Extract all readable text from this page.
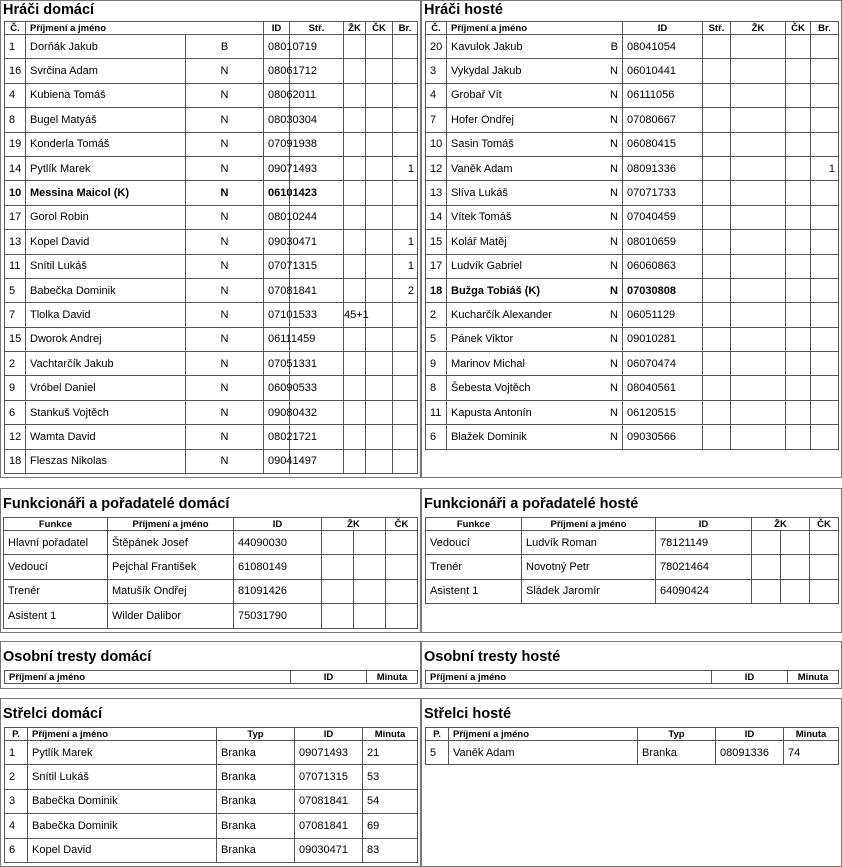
Hráči domácí
Č.	Příjmení a jméno		ID	Stř.	ŽK	ČK	Br.
1	Dorňák Jakub	B	08010719				
16	Svrčina Adam	N	08061712				
4	Kubiena Tomáš	N	08062011				
8	Bugel Matyáš	N	08030304				
19	Konderla Tomáš	N	07091938				
14	Pytlík Marek	N	09071493				1
10	Messina Maicol (K)	N	06101423				
17	Gorol Robin	N	08010244				
13	Kopel David	N	09030471				1
11	Snítil Lukáš	N	07071315				1
5	Babečka Dominik	N	07081841				2
7	Tlolka David	N	07101533		45+1		
15	Dworok Andrej	N	06111459				
2	Vachtarčík Jakub	N	07051331				
9	Vróbel Daniel	N	06090533				
6	Stankuš Vojtěch	N	09080432				
12	Wamta David	N	08021721				
18	Fleszas Nikolas	N	09041497				
Hráči hosté
Č.	Příjmení a jméno	ID	Stř.	ŽK	ČK	Br.
20	Kavulok Jakub B	08041054				
3	Vykydal Jakub N	06010441				
4	Grobař Vít N	06111056				
7	Hofer Ondřej N	07080667				
10	Sasin Tomáš N	06080415				
12	Vaněk Adam N	08091336				1
13	Slíva Lukáš N	07071733				
14	Vítek Tomáš N	07040459				
15	Kolář Matěj N	08010659				
17	Ludvík Gabriel N	06060863				
18	Bužga Tobiáš (K) N	07030808				
2	Kucharčík Alexander N	06051129				
5	Pánek Viktor N	09010281				
9	Marinov Michal N	06070474				
8	Šebesta Vojtěch N	08040561				
11	Kapusta Antonín N	06120515				
6	Blažek Dominik N	09030566				
Funkcionáři a pořadatelé domácí
Funkce	Příjmení a jméno	ID	ŽK		ČK
Hlavní pořadatel	Štěpánek Josef	44090030			
Vedoucí	Pejchal František	61080149			
Trenér	Matušík Ondřej	81091426			
Asistent 1	Wilder Dalibor	75031790			
Funkcionáři a pořadatelé hosté
Funkce	Příjmení a jméno	ID	ŽK		ČK
Vedoucí	Ludvík Roman	78121149			
Trenér	Novotný Petr	78021464			
Asistent 1	Sládek Jaromír	64090424			
Osobní tresty domácí
Příjmení a jméno	ID	Minuta
Osobní tresty hosté
Příjmení a jméno	ID	Minuta
Střelci domácí
P.	Příjmení a jméno	Typ	ID	Minuta
1	Pytlík Marek	Branka	09071493	21
2	Snítil Lukáš	Branka	07071315	53
3	Babečka Dominik	Branka	07081841	54
4	Babečka Dominik	Branka	07081841	69
6	Kopel David	Branka	09030471	83
Střelci hosté
P.	Příjmení a jméno	Typ	ID	Minuta
5	Vaněk Adam	Branka	08091336	74
